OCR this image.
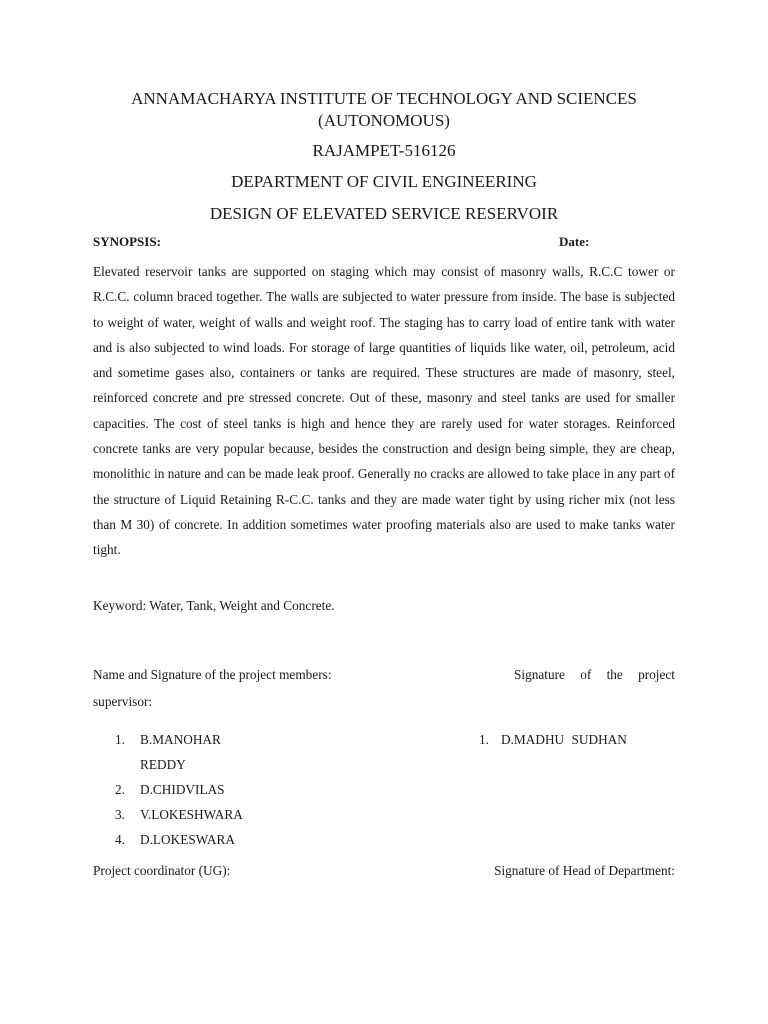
ANNAMACHARYA INSTITUTE OF TECHNOLOGY AND SCIENCES
(AUTONOMOUS)
RAJAMPET-516126
DEPARTMENT OF CIVIL ENGINEERING
DESIGN OF ELEVATED SERVICE RESERVOIR
SYNOPSIS:	Date:

Elevated reservoir tanks are supported on staging which may consist of masonry walls, R.C.C tower or R.C.C. column braced together. The walls are subjected to water pressure from inside. The base is subjected to weight of water, weight of walls and weight roof. The staging has to carry load of entire tank with water and is also subjected to wind loads. For storage of large quantities of liquids like water, oil, petroleum, acid and sometime gases also, containers or tanks are required. These structures are made of masonry, steel, reinforced concrete and pre stressed concrete. Out of these, masonry and steel tanks are used for smaller capacities. The cost of steel tanks is high and hence they are rarely used for water storages. Reinforced concrete tanks are very popular because, besides the construction and design being simple, they are cheap, monolithic in nature and can be made leak proof. Generally no cracks are allowed to take place in any part of the structure of Liquid Retaining R-C.C. tanks and they are made water tight by using richer mix (not less than M 30) of concrete. In addition sometimes water proofing materials also are used to make tanks water tight.

Keyword: Water, Tank, Weight and Concrete.

Name and Signature of the project members:	Signature of the project
supervisor:
1. B.MANOHAR REDDY
2. D.CHIDVILAS
3. V.LOKESHWARA
4. D.LOKESWARA
1. D.MADHU SUDHAN
Project coordinator (UG):	Signature of Head of Department:
